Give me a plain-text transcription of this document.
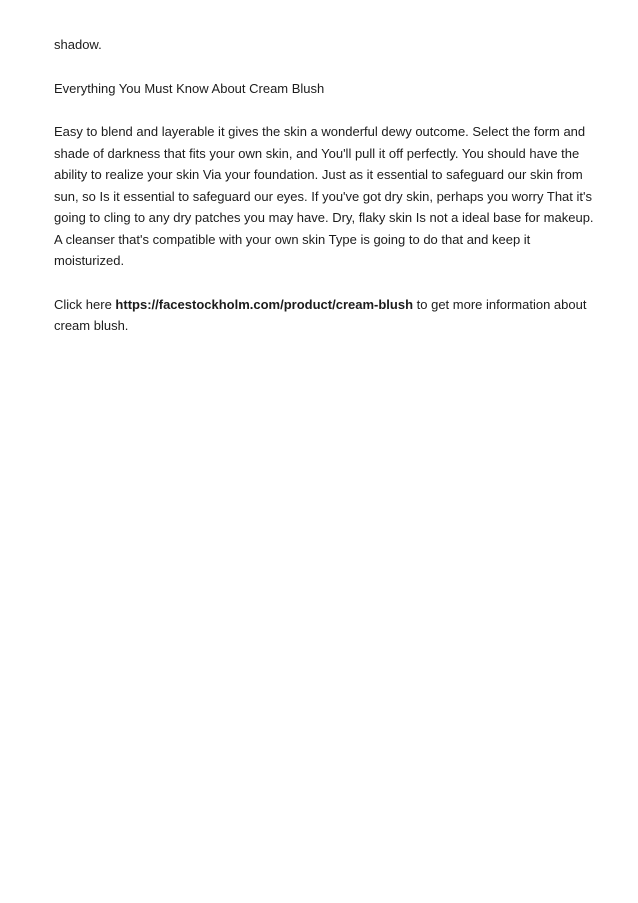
shadow.

Everything You Must Know About Cream Blush

Easy to blend and layerable it gives the skin a wonderful dewy outcome. Select the form and shade of darkness that fits your own skin, and You'll pull it off perfectly. You should have the ability to realize your skin Via your foundation. Just as it essential to safeguard our skin from sun, so Is it essential to safeguard our eyes. If you've got dry skin, perhaps you worry That it's going to cling to any dry patches you may have. Dry, flaky skin Is not a ideal base for makeup. A cleanser that's compatible with your own skin Type is going to do that and keep it moisturized.

Click here https://facestockholm.com/product/cream-blush to get more information about cream blush.
